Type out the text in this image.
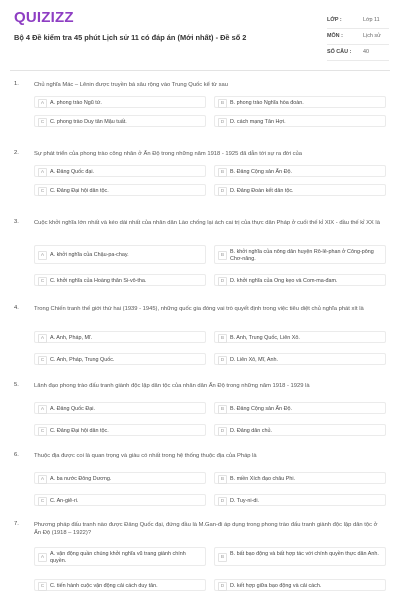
QUIZIZZ
Bộ 4 Đề kiểm tra 45 phút Lịch sử 11 có đáp án (Mới nhất) - Đề số 2
LỚP :	Lớp 11
MÔN :	Lịch sử
SỐ CÂU : 40
1.	Chủ nghĩa Mác – Lênin được truyền bá sâu rộng vào Trung Quốc kể từ sau
A	A. phong trào Ngũ tứ.	B	B. phong trào Nghĩa hòa đoàn.
C	C. phong trào Duy tân Mậu tuất.	D	D. cách mạng Tân Hợi.
2.	Sự phát triển của phong trào công nhân ở Ấn Độ trong những năm 1918 - 1925 đã dẫn tới sự ra đời của
A	A. Đảng Quốc đại.	B	B. Đảng Cộng sản Ấn Độ.
C	C. Đảng Đại hội dân tộc.	D	D. Đảng Đoàn kết dân tộc.
3.	Cuộc khởi nghĩa lớn nhất và kéo dài nhất của nhân dân Lào chống lại ách cai trị của thực dân Pháp ở cuối thế kỉ XIX - đầu thế kỉ XX là
A	A. khởi nghĩa của Chậu-pa-chay.	B
B. khởi nghĩa của nông dân huyện Rô-lê-phan ở Công-pông Chơ-năng.
C	C. khởi nghĩa của Hoàng thân Si-vô-tha.	D	D. khởi nghĩa của Ong kẹo và Com-ma-đam.
4.	Trong Chiến tranh thế giới thứ hai (1939 - 1945), những quốc gia đóng vai trò quyết định trong việc tiêu diệt chủ nghĩa phát xít là
A	A. Anh, Pháp, Mĩ.	B	B. Anh, Trung Quốc, Liên Xô.
C	C. Anh, Pháp, Trung Quốc.	D	D. Liên Xô, Mĩ, Anh.
5.	Lãnh đạo phong trào đấu tranh giành độc lập dân tộc của nhân dân Ấn Độ trong những năm 1918 - 1929 là
A	A. Đảng Quốc Đại.	B	B. Đảng Cộng sản Ấn Độ.
C	C. Đảng Đại hội dân tộc.	D	D. Đảng dân chủ.
6.	Thuộc địa được coi là quan trọng và giàu có nhất trong hệ thống thuộc địa của Pháp là
A	A. ba nước Đông Dương.	B	B. miền Xích đạo châu Phi.
C	C. An-giê-ri.	D	D. Tuy-ni-di.
7.	Phương pháp đấu tranh nào được Đảng Quốc đại, đứng đầu là M.Gan-đi áp dụng trong phong trào đấu tranh giành độc lập dân tộc ở Ấn Độ (1918 – 1922)?
A
A. vận động quần chúng khởi nghĩa vũ trang giành chính quyền.	B
B. bất bạo động và bất hợp tác với chính quyền thực dân Anh.
C	C. tiến hành cuộc vận động cải cách duy tân.	D	D. kết hợp giữa bạo động và cải cách.
